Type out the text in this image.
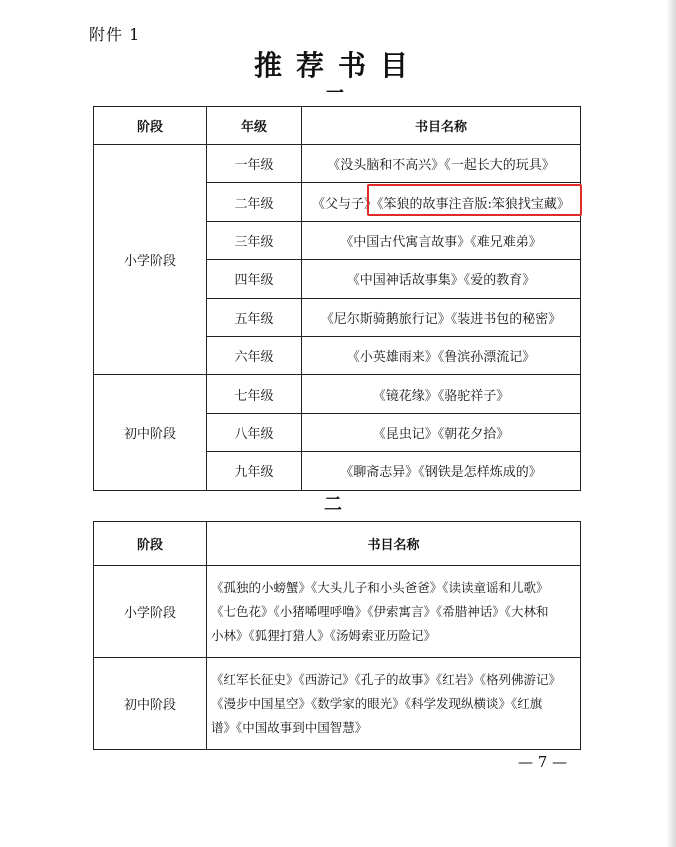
附件 1
推荐书目
一
阶段	年级	书目名称
小学阶段	一年级	《没头脑和不高兴》《一起长大的玩具》
	二年级	《父与子》《笨狼的故事注音版:笨狼找宝藏》
	三年级	《中国古代寓言故事》《难兄难弟》
	四年级	《中国神话故事集》《爱的教育》
	五年级	《尼尔斯骑鹅旅行记》《装进书包的秘密》
	六年级	《小英雄雨来》《鲁滨孙漂流记》
初中阶段	七年级	《镜花缘》《骆驼祥子》
	八年级	《昆虫记》《朝花夕拾》
	九年级	《聊斋志异》《钢铁是怎样炼成的》
二
阶段	书目名称
小学阶段	《孤独的小螃蟹》《大头儿子和小头爸爸》《读读童谣和儿歌》
《七色花》《小猪唏哩呼噜》《伊索寓言》《希腊神话》《大林和
小林》《狐狸打猎人》《汤姆索亚历险记》

初中阶段	《红军长征史》《西游记》《孔子的故事》《红岩》《格列佛游记》
《漫步中国星空》《数学家的眼光》《科学发现纵横谈》《红旗
谱》《中国故事到中国智慧》
— 7 —
